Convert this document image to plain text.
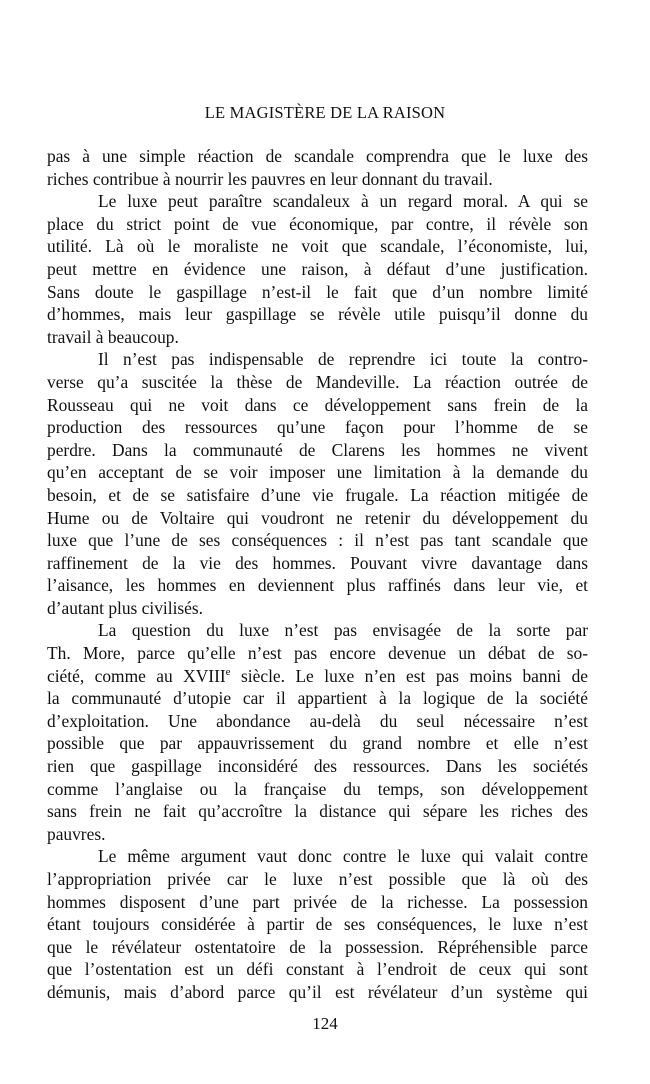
LE MAGISTÈRE DE LA RAISON
pas à une simple réaction de scandale comprendra que le luxe des
riches contribue à nourrir les pauvres en leur donnant du travail.
Le luxe peut paraître scandaleux à un regard moral. A qui se
place du strict point de vue économique, par contre, il révèle son
utilité. Là où le moraliste ne voit que scandale, l’économiste, lui,
peut mettre en évidence une raison, à défaut d’une justification.
Sans doute le gaspillage n’est-il le fait que d’un nombre limité
d’hommes, mais leur gaspillage se révèle utile puisqu’il donne du
travail à beaucoup.
Il n’est pas indispensable de reprendre ici toute la contro-
verse qu’a suscitée la thèse de Mandeville. La réaction outrée de
Rousseau qui ne voit dans ce développement sans frein de la
production des ressources qu’une façon pour l’homme de se
perdre. Dans la communauté de Clarens les hommes ne vivent
qu’en acceptant de se voir imposer une limitation à la demande du
besoin, et de se satisfaire d’une vie frugale. La réaction mitigée de
Hume ou de Voltaire qui voudront ne retenir du développement du
luxe que l’une de ses conséquences : il n’est pas tant scandale que
raffinement de la vie des hommes. Pouvant vivre davantage dans
l’aisance, les hommes en deviennent plus raffinés dans leur vie, et
d’autant plus civilisés.
La question du luxe n’est pas envisagée de la sorte par
Th. More, parce qu’elle n’est pas encore devenue un débat de so-
ciété, comme au XVIIIe siècle. Le luxe n’en est pas moins banni de
la communauté d’utopie car il appartient à la logique de la société
d’exploitation. Une abondance au-delà du seul nécessaire n’est
possible que par appauvrissement du grand nombre et elle n’est
rien que gaspillage inconsidéré des ressources. Dans les sociétés
comme l’anglaise ou la française du temps, son développement
sans frein ne fait qu’accroître la distance qui sépare les riches des
pauvres.
Le même argument vaut donc contre le luxe qui valait contre
l’appropriation privée car le luxe n’est possible que là où des
hommes disposent d’une part privée de la richesse. La possession
étant toujours considérée à partir de ses conséquences, le luxe n’est
que le révélateur ostentatoire de la possession. Répréhensible parce
que l’ostentation est un défi constant à l’endroit de ceux qui sont
démunis, mais d’abord parce qu’il est révélateur d’un système qui
124
